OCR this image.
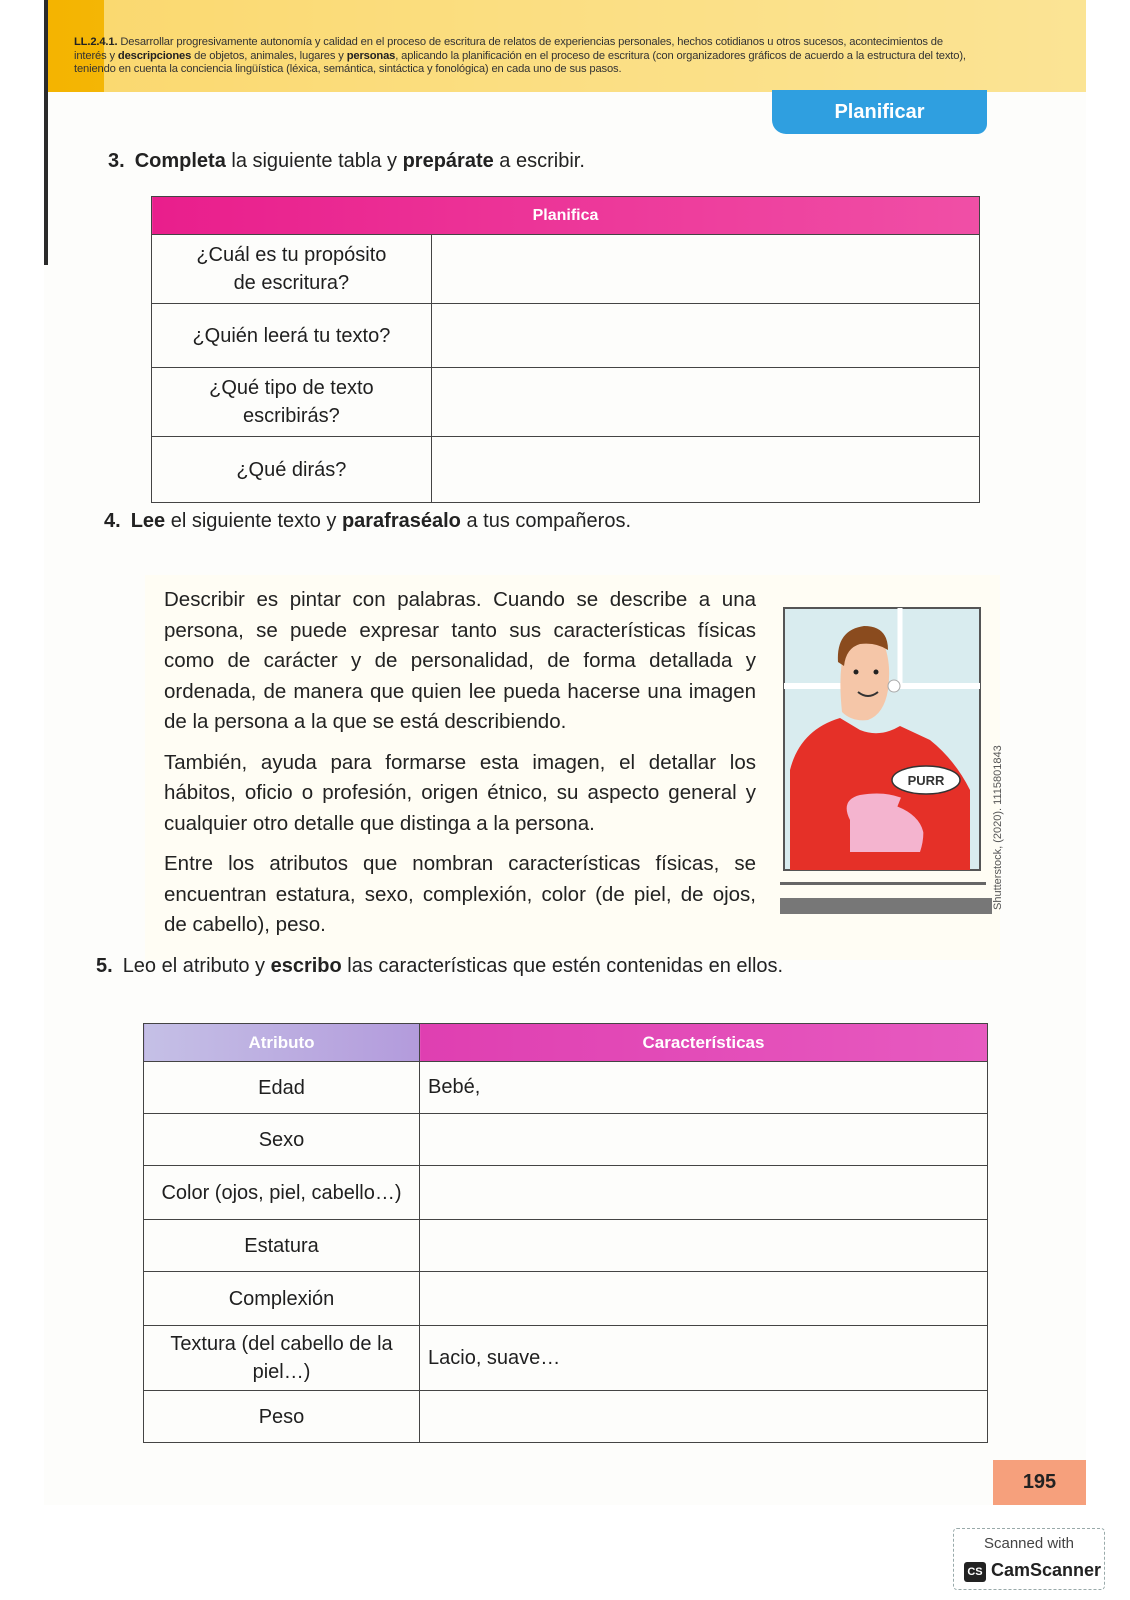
LL.2.4.1. Desarrollar progresivamente autonomía y calidad en el proceso de escritura de relatos de experiencias personales, hechos cotidianos u otros sucesos, acontecimientos de interés y descripciones de objetos, animales, lugares y personas, aplicando la planificación en el proceso de escritura (con organizadores gráficos de acuerdo a la estructura del texto), teniendo en cuenta la conciencia lingüística (léxica, semántica, sintáctica y fonológica) en cada uno de sus pasos.
Planificar
3. Completa la siguiente tabla y prepárate a escribir.
Planifica	
¿Cuál es tu propósito
de escritura?	
¿Quién leerá tu texto?	
¿Qué tipo de texto escribirás?	
¿Qué dirás?	
4. Lee el siguiente texto y parafraséalo a tus compañeros.

Describir es pintar con palabras. Cuando se describe a una persona, se puede expresar tanto sus características físicas como de carácter y de personalidad, de forma detallada y ordenada, de manera que quien lee pueda hacerse una imagen de la persona a la que se está describiendo.

También, ayuda para formarse esta imagen, el detallar los hábitos, oficio o profesión, origen étnico, su aspecto general y cualquier otro detalle que distinga a la persona.

Entre los atributos que nombran características físicas, se encuentran estatura, sexo, complexión, color (de piel, de ojos, de cabello), peso.

PURR	Shutterstock, (2020). 1115801843
5. Leo el atributo y escribo las características que estén contenidas en ellos.
Atributo	Características
Edad	Bebé,
Sexo	
Color (ojos, piel, cabello…)	
Estatura	
Complexión	
Textura (del cabello de la
piel…)	Lacio, suave…
Peso	
195
Scanned with
CS CamScanner
